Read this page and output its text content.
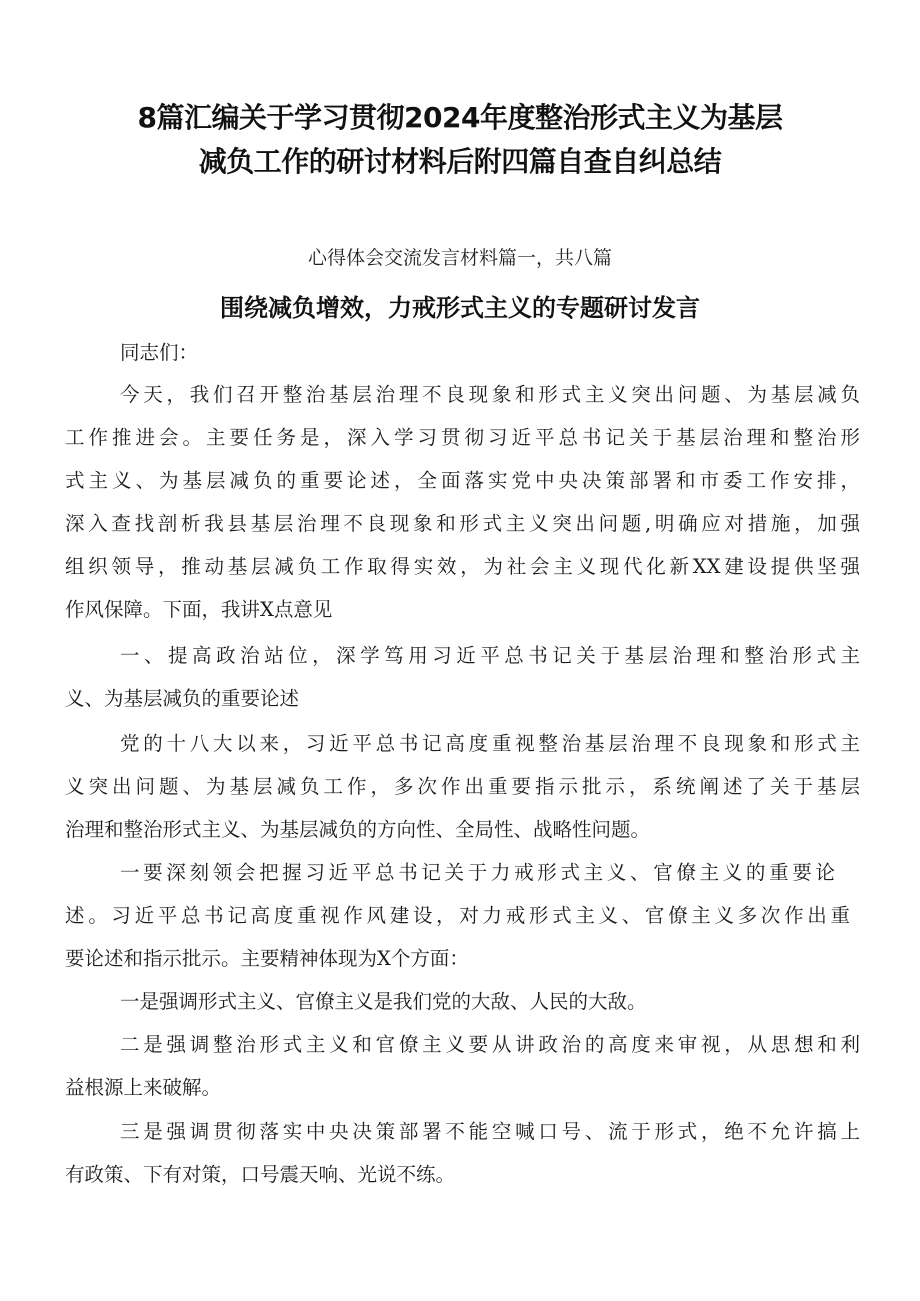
8篇汇编关于学习贯彻2024年度整治形式主义为基层
减负工作的研讨材料后附四篇自查自纠总结

心得体会交流发言材料篇一，共八篇

围绕减负增效，力戒形式主义的专题研讨发言
同志们：
今天，我们召开整治基层治理不良现象和形式主义突出问题、为基层减负
工作推进会。主要任务是，深入学习贯彻习近平总书记关于基层治理和整治形
式主义、为基层减负的重要论述，全面落实党中央决策部署和市委工作安排，
深入查找剖析我县基层治理不良现象和形式主义突出问题,明确应对措施，加强
组织领导，推动基层减负工作取得实效，为社会主义现代化新XX建设提供坚强
作风保障。下面，我讲X点意见
一、提高政治站位，深学笃用习近平总书记关于基层治理和整治形式主
义、为基层减负的重要论述
党的十八大以来，习近平总书记高度重视整治基层治理不良现象和形式主
义突出问题、为基层减负工作，多次作出重要指示批示，系统阐述了关于基层
治理和整治形式主义、为基层减负的方向性、全局性、战略性问题。
一要深刻领会把握习近平总书记关于力戒形式主义、官僚主义的重要论
述。习近平总书记高度重视作风建设，对力戒形式主义、官僚主义多次作出重
要论述和指示批示。主要精神体现为X个方面：
一是强调形式主义、官僚主义是我们党的大敌、人民的大敌。
二是强调整治形式主义和官僚主义要从讲政治的高度来审视，从思想和利
益根源上来破解。
三是强调贯彻落实中央决策部署不能空喊口号、流于形式，绝不允许搞上
有政策、下有对策，口号震天响、光说不练。
